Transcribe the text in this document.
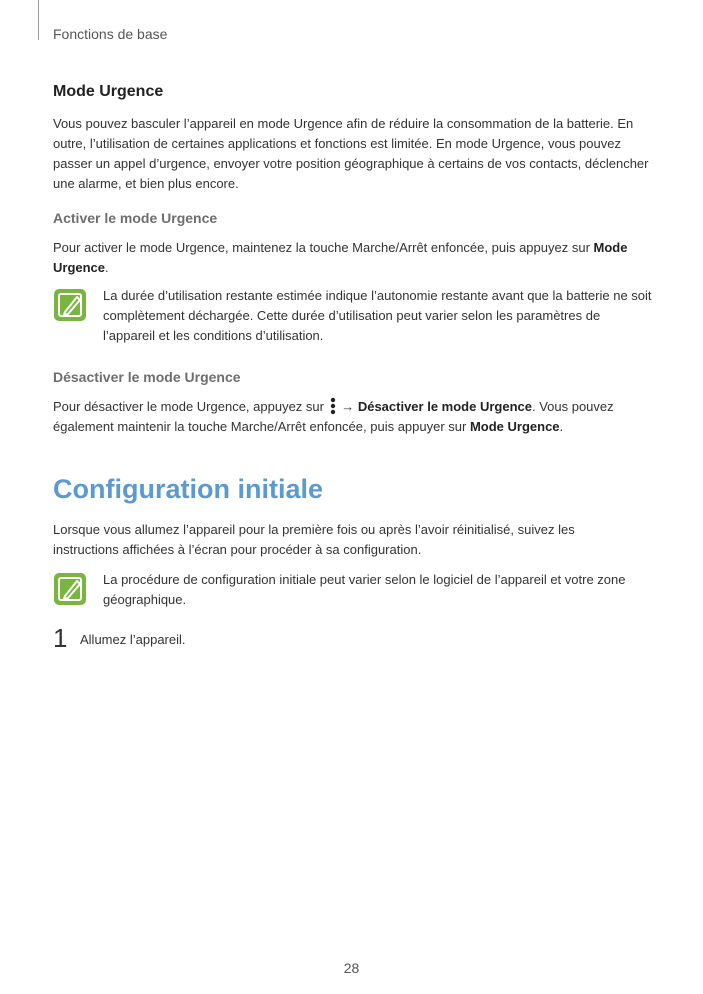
Fonctions de base
Mode Urgence
Vous pouvez basculer l’appareil en mode Urgence afin de réduire la consommation de la batterie. En outre, l’utilisation de certaines applications et fonctions est limitée. En mode Urgence, vous pouvez passer un appel d’urgence, envoyer votre position géographique à certains de vos contacts, déclencher une alarme, et bien plus encore.
Activer le mode Urgence
Pour activer le mode Urgence, maintenez la touche Marche/Arrêt enfoncée, puis appuyez sur Mode Urgence.
La durée d’utilisation restante estimée indique l’autonomie restante avant que la batterie ne soit complètement déchargée. Cette durée d’utilisation peut varier selon les paramètres de l’appareil et les conditions d’utilisation.
Désactiver le mode Urgence
Pour désactiver le mode Urgence, appuyez sur  → Désactiver le mode Urgence. Vous pouvez également maintenir la touche Marche/Arrêt enfoncée, puis appuyer sur Mode Urgence.
Configuration initiale
Lorsque vous allumez l’appareil pour la première fois ou après l’avoir réinitialisé, suivez les instructions affichées à l’écran pour procéder à sa configuration.
La procédure de configuration initiale peut varier selon le logiciel de l’appareil et votre zone géographique.
1 Allumez l’appareil.
28
